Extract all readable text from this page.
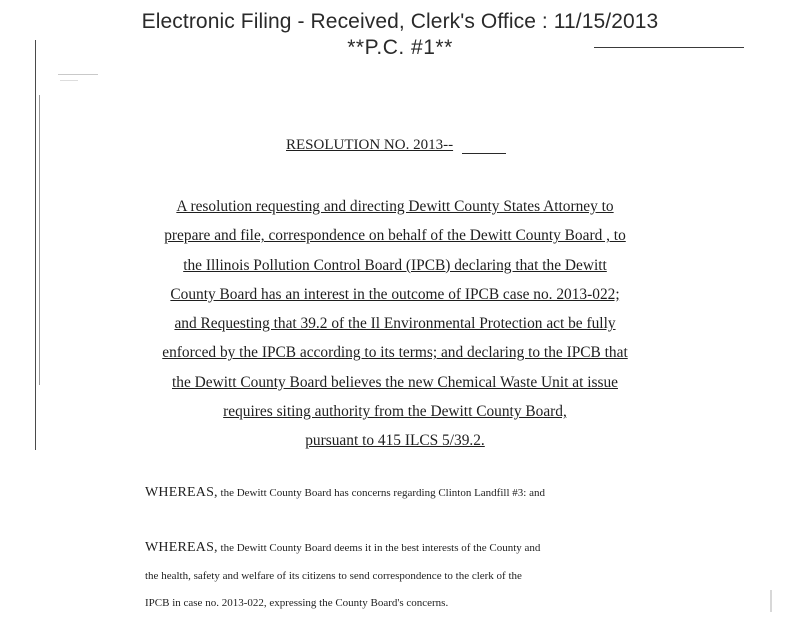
Electronic Filing - Received, Clerk's Office : 11/15/2013
**P.C. #1**
RESOLUTION NO. 2013--
A resolution requesting and directing Dewitt County States Attorney to
prepare and file, correspondence on behalf of the Dewitt County Board , to
the Illinois Pollution Control Board (IPCB) declaring that the Dewitt
County Board has an interest in the outcome of IPCB case no. 2013-022;
and Requesting that 39.2 of the Il Environmental Protection act be fully
enforced by the IPCB according to its terms; and declaring to the IPCB that
the Dewitt County Board believes the new Chemical Waste Unit at issue
requires siting authority from the Dewitt County Board,
pursuant to 415 ILCS 5/39.2.
WHEREAS, the Dewitt County Board has concerns regarding Clinton Landfill #3: and
WHEREAS, the Dewitt County Board deems it in the best interests of the County and
the health, safety and welfare of its citizens to send correspondence to the clerk of the
IPCB in case no. 2013-022, expressing the County Board's concerns.
